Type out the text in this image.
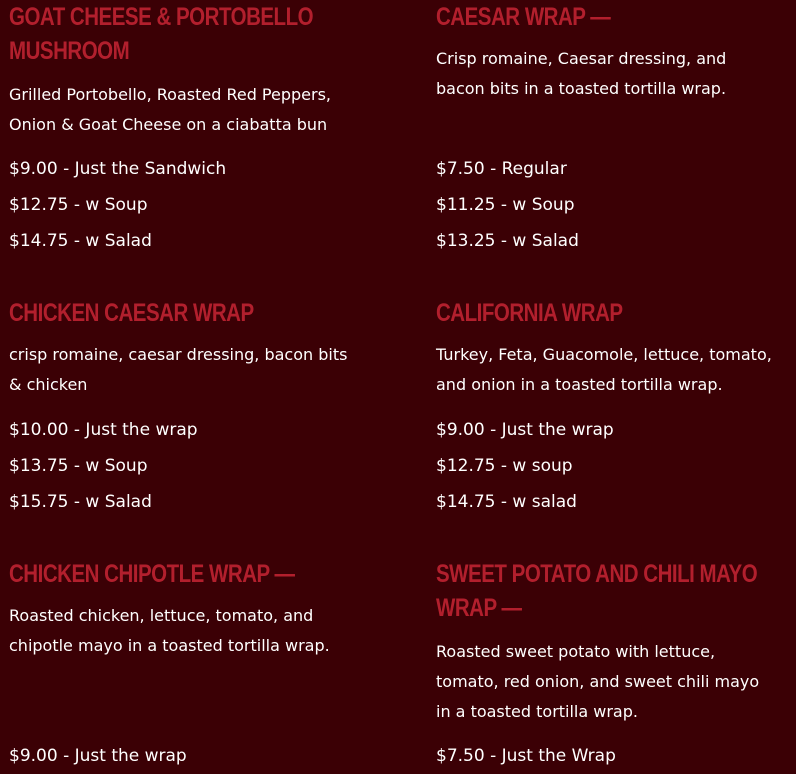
GOAT CHEESE & PORTOBELLO MUSHROOM

Grilled Portobello, Roasted Red Peppers, Onion & Goat Cheese on a ciabatta bun

$9.00 - Just the Sandwich
$12.75 - w Soup
$14.75 - w Salad
CAESAR WRAP —

Crisp romaine, Caesar dressing, and bacon bits in a toasted tortilla wrap.

$7.50 - Regular
$11.25 - w Soup
$13.25 - w Salad
CHICKEN CAESAR WRAP

crisp romaine, caesar dressing, bacon bits & chicken

$10.00 - Just the wrap
$13.75 - w Soup
$15.75 - w Salad
CALIFORNIA WRAP

Turkey, Feta, Guacomole, lettuce, tomato, and onion in a toasted tortilla wrap.

$9.00 - Just the wrap
$12.75 - w soup
$14.75 - w salad
CHICKEN CHIPOTLE WRAP —

Roasted chicken, lettuce, tomato, and chipotle mayo in a toasted tortilla wrap.

$9.00 - Just the wrap
SWEET POTATO AND CHILI MAYO WRAP —

Roasted sweet potato with lettuce, tomato, red onion, and sweet chili mayo in a toasted tortilla wrap.

$7.50 - Just the Wrap
